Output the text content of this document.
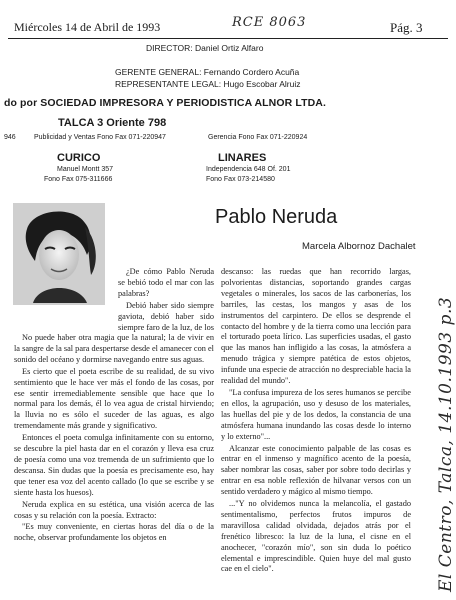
Miércoles 14 de Abril de 1993	RCE 8063	Pág. 3
DIRECTOR: Daniel Ortiz Alfaro
GERENTE GENERAL: Fernando Cordero Acuña
REPRESENTANTE LEGAL: Hugo Escobar Alruiz
do por SOCIEDAD IMPRESORA Y PERIODISTICA ALNOR LTDA.
TALCA 3 Oriente 798
946	Publicidad y Ventas Fono Fax 071-220947	Gerencia Fono Fax 071-220924
CURICO
Manuel Montt 357
Fono Fax 075-311666
LINARES
Independencia 648 Of. 201
Fono Fax 073-214580
Pablo Neruda
Marcela Albornoz Dachalet

¿De cómo Pablo Neruda se bebió todo el mar con las palabras?

Debió haber sido siempre gaviota, debió haber sido siempre faro de la luz, de los

No puede haber otra magia que la natural; la de vivir en la sangre de la sal para despertarse desde el amanecer con el sonido del océano y dormirse navegando entre sus aguas.

Es cierto que el poeta escribe de su realidad, de su vivo sentimiento que le hace ver más el fondo de las cosas, por ese sentir irremediablemente sensible que hace que lo normal para los demás, él lo vea agua de cristal hirviendo; la lluvia no es sólo el suceder de las aguas, es algo tremendamente más grande y significativo.

Entonces el poeta comulga infinitamente con su entorno, se descubre la piel hasta dar en el corazón y lleva esa cruz de poesía como una voz tremenda de un sufrimiento que lo descansa. Sin dudas que la poesía es precisamente eso, hay que tener esa voz del acento callado (lo que se escribe y se siente hasta los huesos).

Neruda explica en su estética, una visión acerca de las cosas y su relación con la poesía. Extracto:

"Es muy conveniente, en ciertas horas del día o de la noche, observar profundamente los objetos en

descanso: las ruedas que han recorrido largas, polvorientas distancias, soportando grandes cargas vegetales o minerales, los sacos de las carbonerías, los barriles, las cestas, los mangos y asas de los instrumentos del carpintero. De ellos se desprende el contacto del hombre y de la tierra como una lección para el torturado poeta lírico. Las superficies usadas, el gasto que las manos han infligido a las cosas, la atmósfera a menudo trágica y siempre patética de estos objetos, infunde una especie de atracción no despreciable hacia la realidad del mundo".

"La confusa impureza de los seres humanos se percibe en ellos, la agrupación, uso y desuso de los materiales, las huellas del pie y de los dedos, la constancia de una atmósfera humana inundando las cosas desde lo interno y lo externo"...

Alcanzar este conocimiento palpable de las cosas es entrar en el inmenso y magnífico acento de la poesía, saber nombrar las cosas, saber por sobre todo decirlas y entrar en esa noble reflexión de hilvanar versos con un sentido verdadero y mágico al mismo tiempo.

..."Y no olvidemos nunca la melancolía, el gastado sentimentalismo, perfectos frutos impuros de maravillosa calidad olvidada, dejados atrás por el frenético libresco: la luz de la luna, el cisne en el anochecer, "corazón mío", son sin duda lo poético elemental e imprescindible. Quien huye del mal gusto cae en el cielo".	El Centro, Talca, 14.10.1993 p.3
